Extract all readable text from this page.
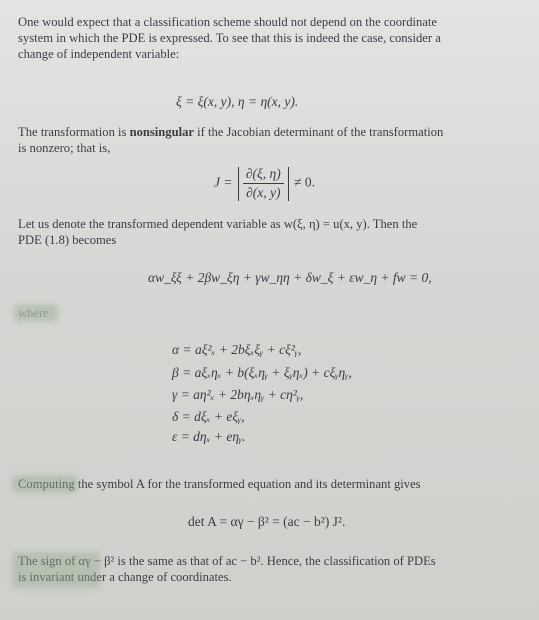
One would expect that a classification scheme should not depend on the coordinate
system in which the PDE is expressed. To see that this is indeed the case, consider a
change of independent variable:
ξ = ξ(x, y), η = η(x, y).
The transformation is nonsingular if the Jacobian determinant of the transformation
is nonzero; that is,
$J = \frac{\partial(\xi, \eta)}{\partial(x, y)} \ne 0$.
Let us denote the transformed dependent variable as w(ξ, η) = u(x, y). Then the
PDE (1.8) becomes
αw_ξξ + 2βw_ξη + γw_ηη + δw_ξ + εw_η + fw = 0,
where
α = aξ²ₓ + 2bξₓξᵧ + cξ²ᵧ,
β = aξₓηₓ + b(ξₓηᵧ + ξᵧηₓ) + cξᵧηᵧ,
γ = aη²ₓ + 2bηₓηᵧ + cη²ᵧ,
δ = dξₓ + eξᵧ,
ε = dηₓ + eηᵧ.
Computing the symbol A for the transformed equation and its determinant gives
det A = αγ − β² = (ac − b²) J².
The sign of αγ − β² is the same as that of ac − b². Hence, the classification of PDEs
is invariant under a change of coordinates.
